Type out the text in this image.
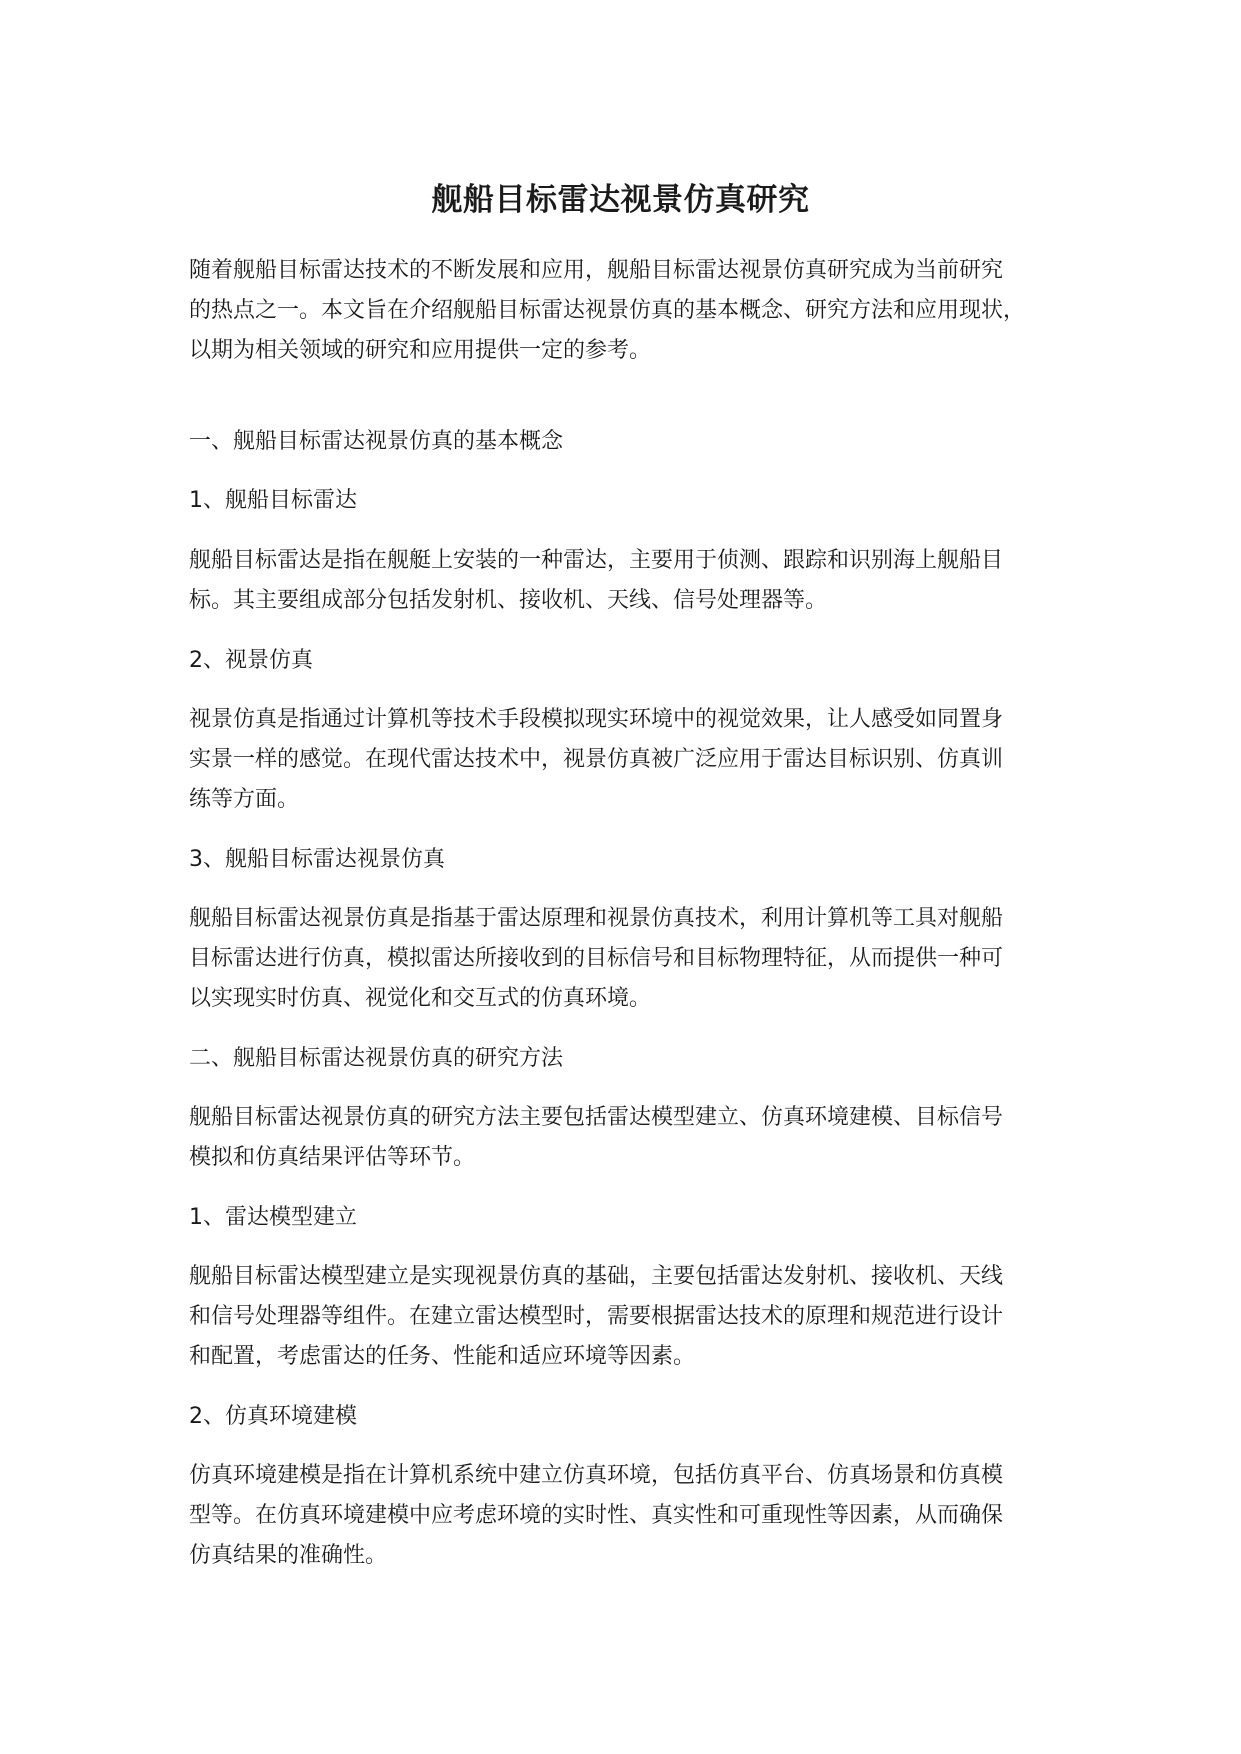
舰船目标雷达视景仿真研究
随着舰船目标雷达技术的不断发展和应用，舰船目标雷达视景仿真研究成为当前研究
的热点之一。本文旨在介绍舰船目标雷达视景仿真的基本概念、研究方法和应用现状，
以期为相关领域的研究和应用提供一定的参考。
一、舰船目标雷达视景仿真的基本概念
1、舰船目标雷达
舰船目标雷达是指在舰艇上安装的一种雷达，主要用于侦测、跟踪和识别海上舰船目
标。其主要组成部分包括发射机、接收机、天线、信号处理器等。
2、视景仿真
视景仿真是指通过计算机等技术手段模拟现实环境中的视觉效果，让人感受如同置身
实景一样的感觉。在现代雷达技术中，视景仿真被广泛应用于雷达目标识别、仿真训
练等方面。
3、舰船目标雷达视景仿真
舰船目标雷达视景仿真是指基于雷达原理和视景仿真技术，利用计算机等工具对舰船
目标雷达进行仿真，模拟雷达所接收到的目标信号和目标物理特征，从而提供一种可
以实现实时仿真、视觉化和交互式的仿真环境。
二、舰船目标雷达视景仿真的研究方法
舰船目标雷达视景仿真的研究方法主要包括雷达模型建立、仿真环境建模、目标信号
模拟和仿真结果评估等环节。
1、雷达模型建立
舰船目标雷达模型建立是实现视景仿真的基础，主要包括雷达发射机、接收机、天线
和信号处理器等组件。在建立雷达模型时，需要根据雷达技术的原理和规范进行设计
和配置，考虑雷达的任务、性能和适应环境等因素。
2、仿真环境建模
仿真环境建模是指在计算机系统中建立仿真环境，包括仿真平台、仿真场景和仿真模
型等。在仿真环境建模中应考虑环境的实时性、真实性和可重现性等因素，从而确保
仿真结果的准确性。
